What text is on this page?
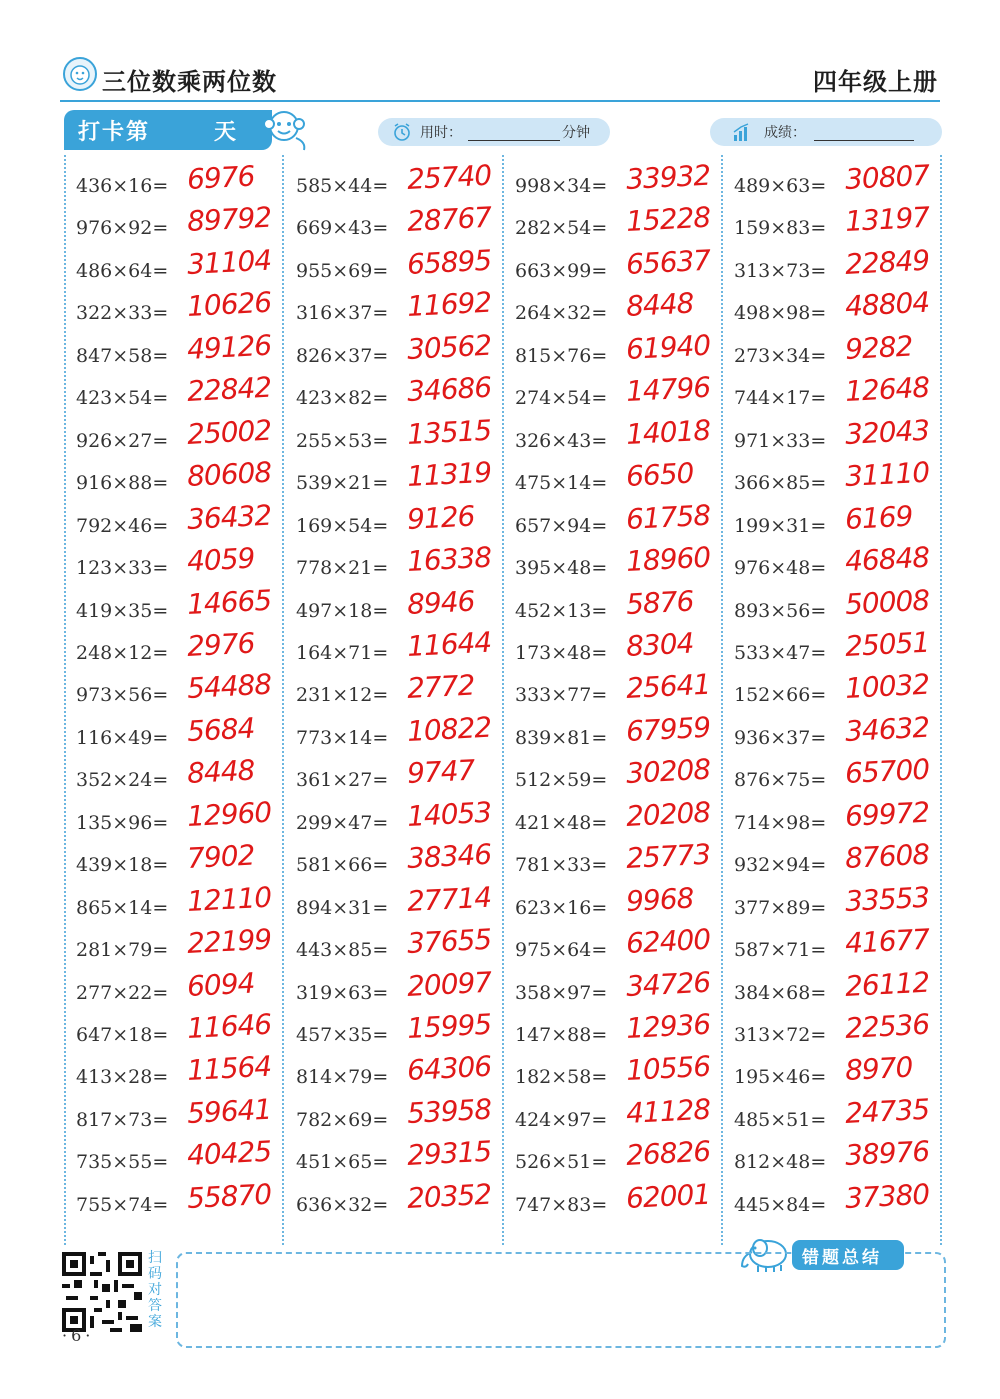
三位数乘两位数	四年级上册
打卡第	天	用时：	分钟	成绩：
436×16= 6976
976×92= 89792
486×64= 31104
322×33= 10626
847×58= 49126
423×54= 22842
926×27= 25002
916×88= 80608
792×46= 36432
123×33= 4059
419×35= 14665
248×12= 2976
973×56= 54488
116×49= 5684
352×24= 8448
135×96= 12960
439×18= 7902
865×14= 12110
281×79= 22199
277×22= 6094
647×18= 11646
413×28= 11564
817×73= 59641
735×55= 40425
755×74= 55870
585×44= 25740
669×43= 28767
955×69= 65895
316×37= 11692
826×37= 30562
423×82= 34686
255×53= 13515
539×21= 11319
169×54= 9126
778×21= 16338
497×18= 8946
164×71= 11644
231×12= 2772
773×14= 10822
361×27= 9747
299×47= 14053
581×66= 38346
894×31= 27714
443×85= 37655
319×63= 20097
457×35= 15995
814×79= 64306
782×69= 53958
451×65= 29315
636×32= 20352
998×34= 33932
282×54= 15228
663×99= 65637
264×32= 8448
815×76= 61940
274×54= 14796
326×43= 14018
475×14= 6650
657×94= 61758
395×48= 18960
452×13= 5876
173×48= 8304
333×77= 25641
839×81= 67959
512×59= 30208
421×48= 20208
781×33= 25773
623×16= 9968
975×64= 62400
358×97= 34726
147×88= 12936
182×58= 10556
424×97= 41128
526×51= 26826
747×83= 62001
489×63= 30807
159×83= 13197
313×73= 22849
498×98= 48804
273×34= 9282
744×17= 12648
971×33= 32043
366×85= 31110
199×31= 6169
976×48= 46848
893×56= 50008
533×47= 25051
152×66= 10032
936×37= 34632
876×75= 65700
714×98= 69972
932×94= 87608
377×89= 33553
587×71= 41677
384×68= 26112
313×72= 22536
195×46= 8970
485×51= 24735
812×48= 38976
445×84= 37380
错题总结
扫码对答案
·6·
